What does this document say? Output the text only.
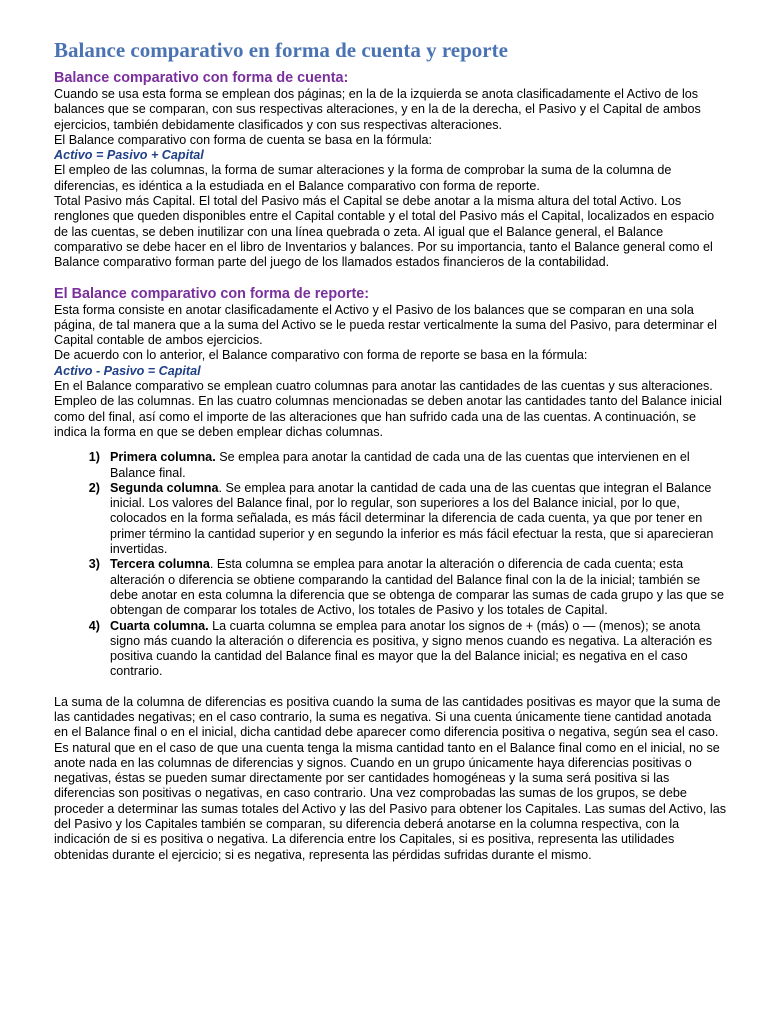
Balance comparativo en forma de cuenta y reporte
Balance comparativo con forma de cuenta:

Cuando se usa esta forma se emplean dos páginas; en la de la izquierda se anota clasificadamente el Activo de los balances que se comparan, con sus respectivas alteraciones, y en la de la derecha, el Pasivo y el Capital de ambos ejercicios, también debidamente clasificados y con sus respectivas alteraciones.

El Balance comparativo con forma de cuenta se basa en la fórmula:

Activo = Pasivo + Capital

El empleo de las columnas, la forma de sumar alteraciones y la forma de comprobar la suma de la columna de diferencias, es idéntica a la estudiada en el Balance comparativo con forma de reporte.

Total Pasivo más Capital. El total del Pasivo más el Capital se debe anotar a la misma altura del total Activo. Los renglones que queden disponibles entre el Capital contable y el total del Pasivo más el Capital, localizados en espacio de las cuentas, se deben inutilizar con una línea quebrada o zeta. Al igual que el Balance general, el Balance comparativo se debe hacer en el libro de Inventarios y balances. Por su importancia, tanto el Balance general como el Balance comparativo forman parte del juego de los llamados estados financieros de la contabilidad.

El Balance comparativo con forma de reporte:

Esta forma consiste en anotar clasificadamente el Activo y el Pasivo de los balances que se comparan en una sola página, de tal manera que a la suma del Activo se le pueda restar verticalmente la suma del Pasivo, para determinar el Capital contable de ambos ejercicios.

De acuerdo con lo anterior, el Balance comparativo con forma de reporte se basa en la fórmula:

Activo - Pasivo = Capital

En el Balance comparativo se emplean cuatro columnas para anotar las cantidades de las cuentas y sus alteraciones. Empleo de las columnas. En las cuatro columnas mencionadas se deben anotar las cantidades tanto del Balance inicial como del final, así como el importe de las alteraciones que han sufrido cada una de las cuentas. A continuación, se indica la forma en que se deben emplear dichas columnas.

1) Primera columna. Se emplea para anotar la cantidad de cada una de las cuentas que intervienen en el Balance final.
2) Segunda columna. Se emplea para anotar la cantidad de cada una de las cuentas que integran el Balance inicial. Los valores del Balance final, por lo regular, son superiores a los del Balance inicial, por lo que, colocados en la forma señalada, es más fácil determinar la diferencia de cada cuenta, ya que por tener en primer término la cantidad superior y en segundo la inferior es más fácil efectuar la resta, que si aparecieran invertidas.
3) Tercera columna. Esta columna se emplea para anotar la alteración o diferencia de cada cuenta; esta alteración o diferencia se obtiene comparando la cantidad del Balance final con la de la inicial; también se debe anotar en esta columna la diferencia que se obtenga de comparar las sumas de cada grupo y las que se obtengan de comparar los totales de Activo, los totales de Pasivo y los totales de Capital.
4) Cuarta columna. La cuarta columna se emplea para anotar los signos de + (más) o — (menos); se anota signo más cuando la alteración o diferencia es positiva, y signo menos cuando es negativa. La alteración es positiva cuando la cantidad del Balance final es mayor que la del Balance inicial; es negativa en el caso contrario.

La suma de la columna de diferencias es positiva cuando la suma de las cantidades positivas es mayor que la suma de las cantidades negativas; en el caso contrario, la suma es negativa. Si una cuenta únicamente tiene cantidad anotada en el Balance final o en el inicial, dicha cantidad debe aparecer como diferencia positiva o negativa, según sea el caso. Es natural que en el caso de que una cuenta tenga la misma cantidad tanto en el Balance final como en el inicial, no se anote nada en las columnas de diferencias y signos. Cuando en un grupo únicamente haya diferencias positivas o negativas, éstas se pueden sumar directamente por ser cantidades homogéneas y la suma será positiva si las diferencias son positivas o negativas, en caso contrario. Una vez comprobadas las sumas de los grupos, se debe proceder a determinar las sumas totales del Activo y las del Pasivo para obtener los Capitales. Las sumas del Activo, las del Pasivo y los Capitales también se comparan, su diferencia deberá anotarse en la columna respectiva, con la indicación de si es positiva o negativa. La diferencia entre los Capitales, si es positiva, representa las utilidades obtenidas durante el ejercicio; si es negativa, representa las pérdidas sufridas durante el mismo.
